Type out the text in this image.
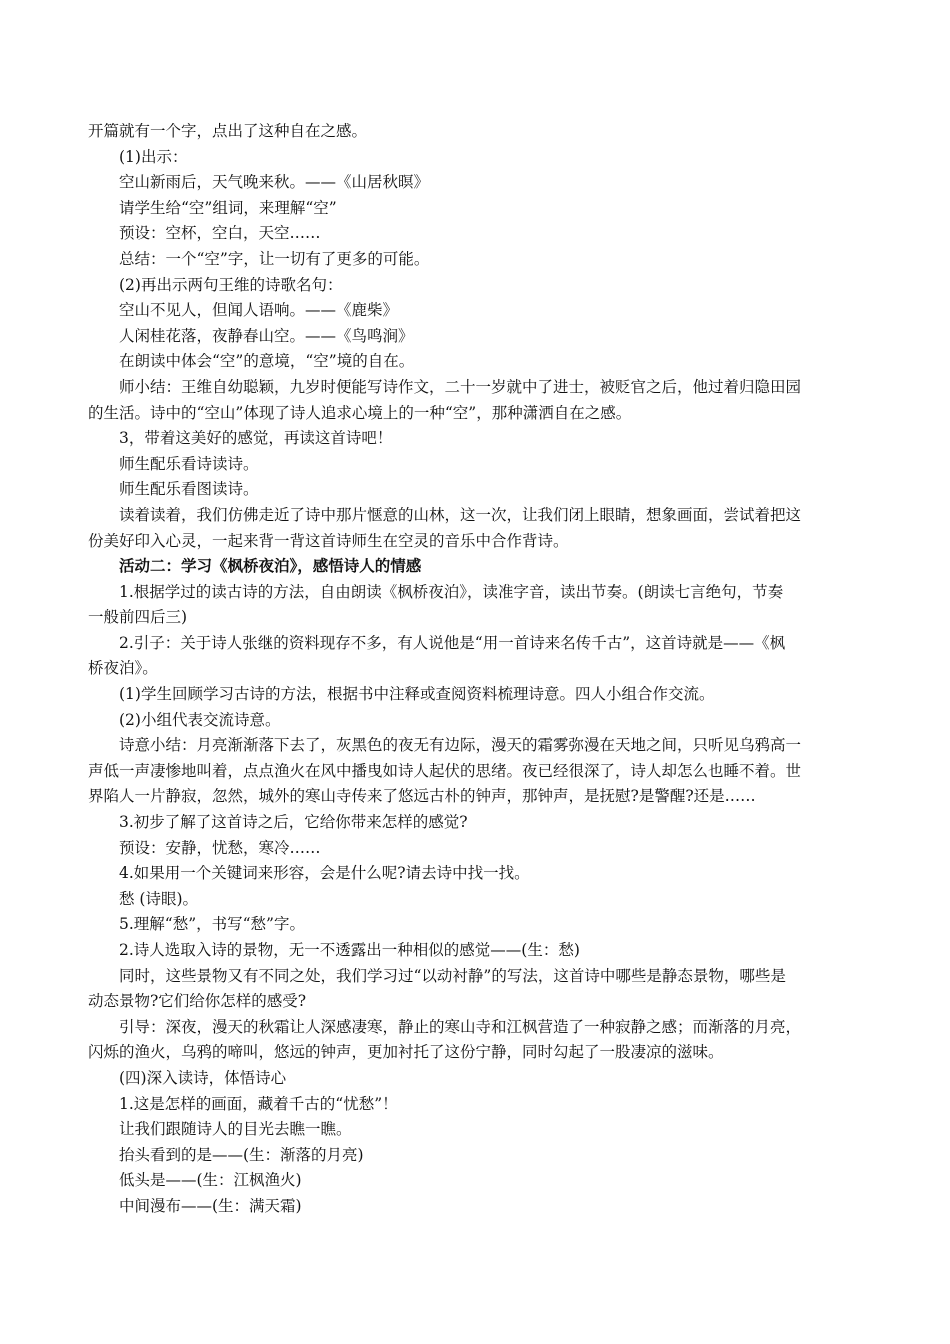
开篇就有一个字，点出了这种自在之感。
(1)出示：
空山新雨后，天气晚来秋。——《山居秋暝》
请学生给“空”组词，来理解“空”
预设：空杯，空白，天空……
总结：一个“空”字，让一切有了更多的可能。
(2)再出示两句王维的诗歌名句：
空山不见人，但闻人语响。——《鹿柴》
人闲桂花落，夜静春山空。——《鸟鸣涧》
在朗读中体会“空”的意境，“空”境的自在。
师小结：王维自幼聪颖，九岁时便能写诗作文，二十一岁就中了进士，被贬官之后，他过着归隐田园
的生活。诗中的“空山”体现了诗人追求心境上的一种“空”，那种潇洒自在之感。
3，带着这美好的感觉，再读这首诗吧！
师生配乐看诗读诗。
师生配乐看图读诗。
读着读着，我们仿佛走近了诗中那片惬意的山林，这一次，让我们闭上眼睛，想象画面，尝试着把这
份美好印入心灵，一起来背一背这首诗师生在空灵的音乐中合作背诗。
活动二：学习《枫桥夜泊》，感悟诗人的情感
1.根据学过的读古诗的方法，自由朗读《枫桥夜泊》，读准字音，读出节奏。(朗读七言绝句，节奏
一般前四后三)
2.引子：关于诗人张继的资料现存不多，有人说他是“用一首诗来名传千古”，这首诗就是——《枫
桥夜泊》。
(1)学生回顾学习古诗的方法，根据书中注释或查阅资料梳理诗意。四人小组合作交流。
(2)小组代表交流诗意。
诗意小结：月亮渐渐落下去了，灰黑色的夜无有边际，漫天的霜雾弥漫在天地之间，只听见乌鸦高一
声低一声凄惨地叫着，点点渔火在风中播曳如诗人起伏的思绪。夜已经很深了，诗人却怎么也睡不着。世
界陷人一片静寂，忽然，城外的寒山寺传来了悠远古朴的钟声，那钟声，是抚慰?是警醒?还是……
3.初步了解了这首诗之后，它给你带来怎样的感觉?
预设：安静，忧愁，寒冷……
4.如果用一个关键词来形容，会是什么呢?请去诗中找一找。
愁 (诗眼)。
5.理解“愁”，书写“愁”字。
2.诗人选取入诗的景物，无一不透露出一种相似的感觉——(生：愁)
同时，这些景物又有不同之处，我们学习过“以动衬静”的写法，这首诗中哪些是静态景物，哪些是
动态景物?它们给你怎样的感受?
引导：深夜，漫天的秋霜让人深感凄寒，静止的寒山寺和江枫营造了一种寂静之感；而渐落的月亮，
闪烁的渔火，乌鸦的啼叫，悠远的钟声，更加衬托了这份宁静，同时勾起了一股凄凉的滋味。
(四)深入读诗，体悟诗心
1.这是怎样的画面，藏着千古的“忧愁”！
让我们跟随诗人的目光去瞧一瞧。
抬头看到的是——(生：渐落的月亮)
低头是——(生：江枫渔火)
中间漫布——(生：满天霜)
